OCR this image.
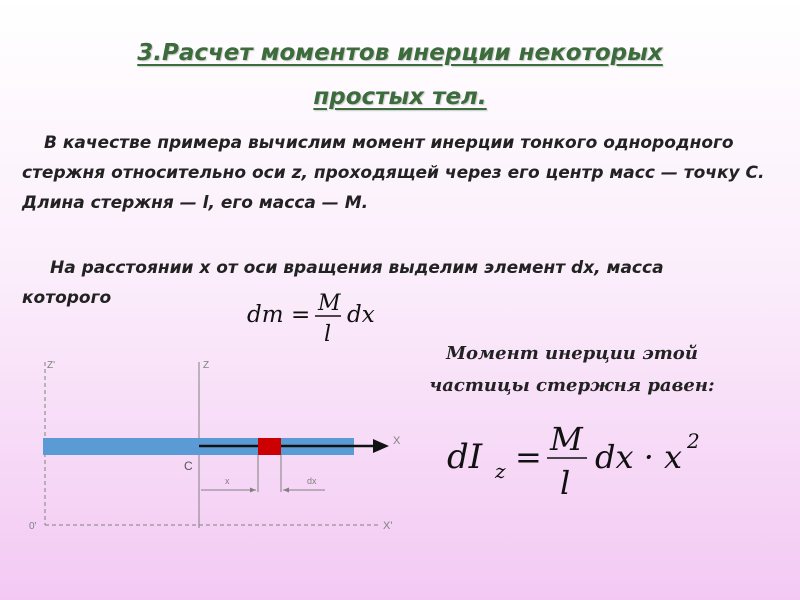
3.Расчет моментов инерции некоторых
простых тел.
В качестве примера вычислим момент инерции тонкого однородного стержня относительно оси z, проходящей через его центр масс — точку С. Длина стержня — l, его масса — М.
На расстоянии x от оси вращения выделим элемент dx, масса которого
dm = M
l
dx
Момент инерции этой
частицы стержня равен:
dI z = M
l
dx · x 2
Z'	Z
X
X'
0'
C
x	dx
